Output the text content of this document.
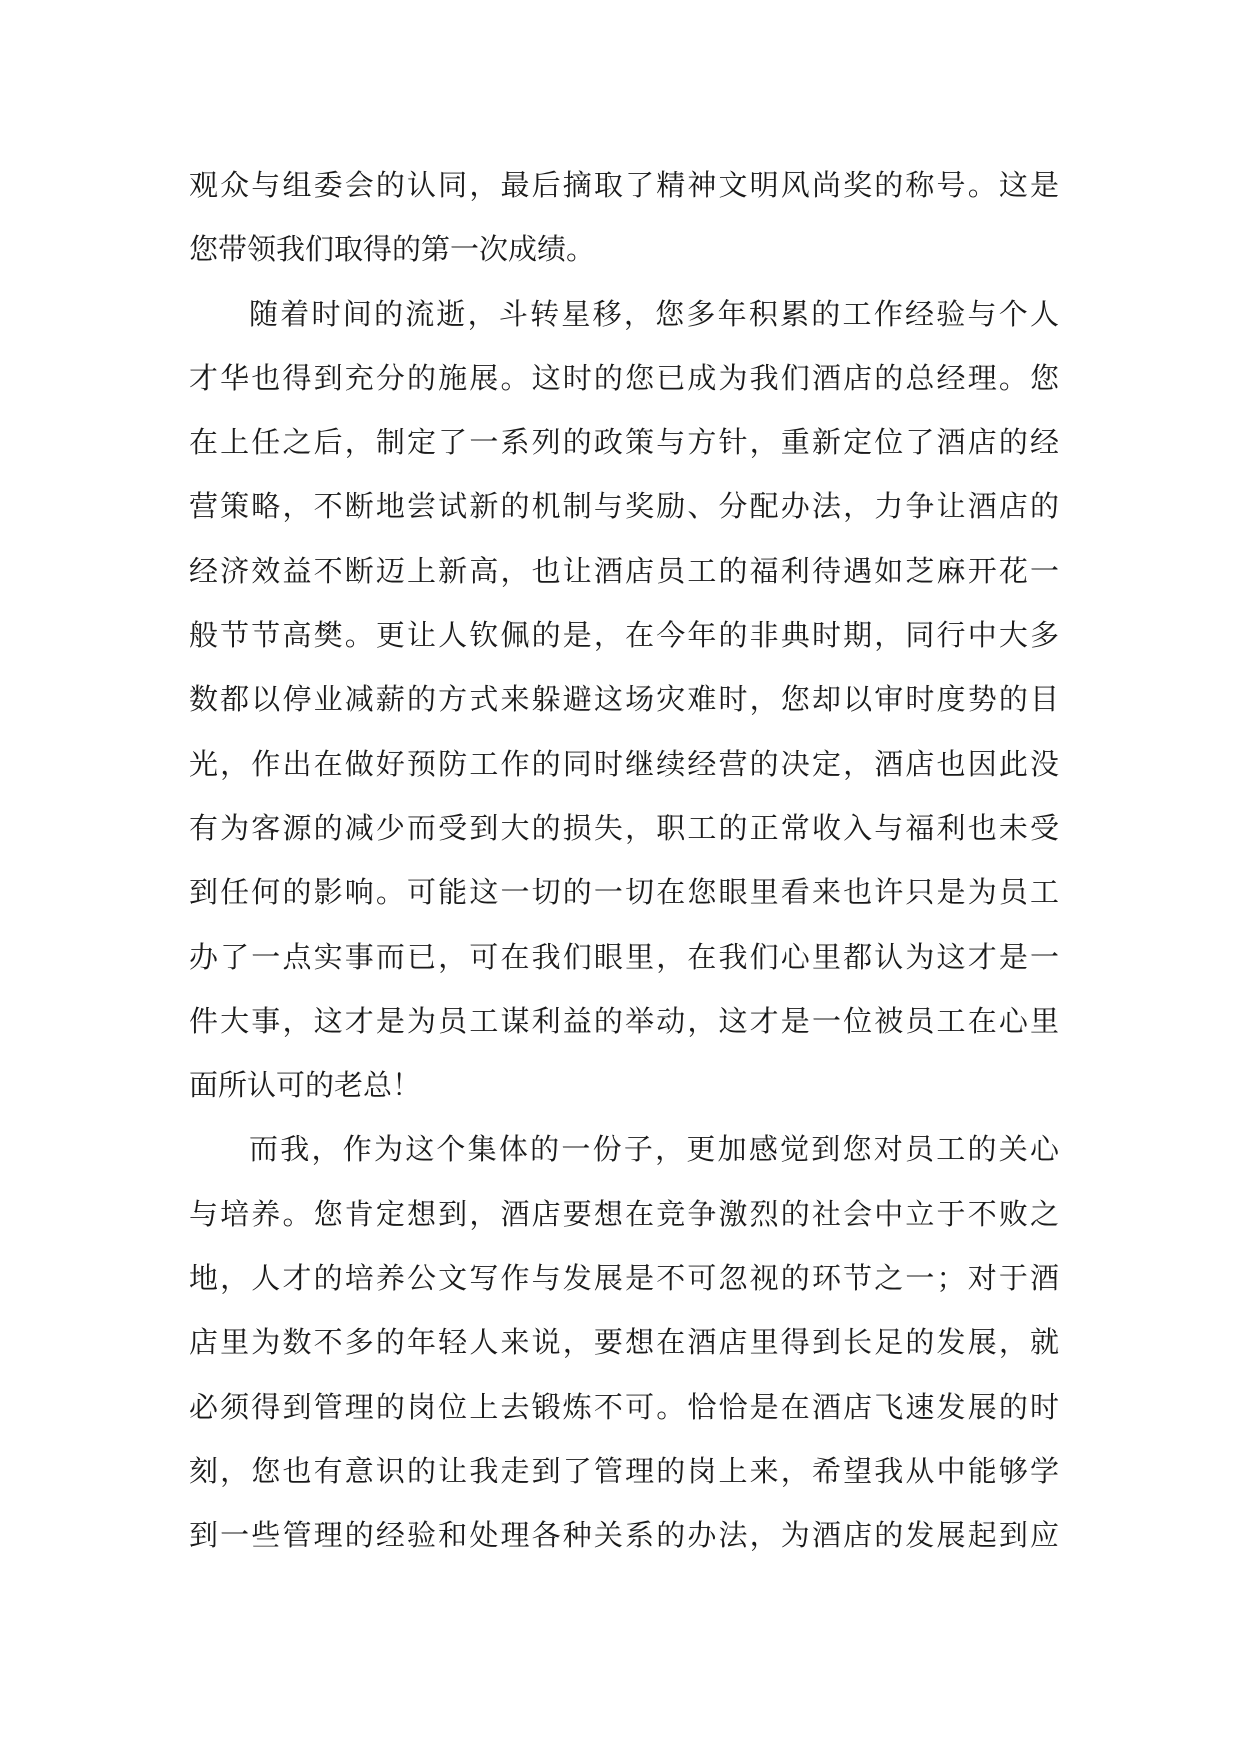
观众与组委会的认同，最后摘取了精神文明风尚奖的称号。这是
您带领我们取得的第一次成绩。
随着时间的流逝，斗转星移，您多年积累的工作经验与个人
才华也得到充分的施展。这时的您已成为我们酒店的总经理。您
在上任之后，制定了一系列的政策与方针，重新定位了酒店的经
营策略，不断地尝试新的机制与奖励、分配办法，力争让酒店的
经济效益不断迈上新高，也让酒店员工的福利待遇如芝麻开花一
般节节高樊。更让人钦佩的是，在今年的非典时期，同行中大多
数都以停业减薪的方式来躲避这场灾难时，您却以审时度势的目
光，作出在做好预防工作的同时继续经营的决定，酒店也因此没
有为客源的减少而受到大的损失，职工的正常收入与福利也未受
到任何的影响。可能这一切的一切在您眼里看来也许只是为员工
办了一点实事而已，可在我们眼里，在我们心里都认为这才是一
件大事，这才是为员工谋利益的举动，这才是一位被员工在心里
面所认可的老总！
而我，作为这个集体的一份子，更加感觉到您对员工的关心
与培养。您肯定想到，酒店要想在竞争激烈的社会中立于不败之
地，人才的培养公文写作与发展是不可忽视的环节之一；对于酒
店里为数不多的年轻人来说，要想在酒店里得到长足的发展，就
必须得到管理的岗位上去锻炼不可。恰恰是在酒店飞速发展的时
刻，您也有意识的让我走到了管理的岗上来，希望我从中能够学
到一些管理的经验和处理各种关系的办法，为酒店的发展起到应
